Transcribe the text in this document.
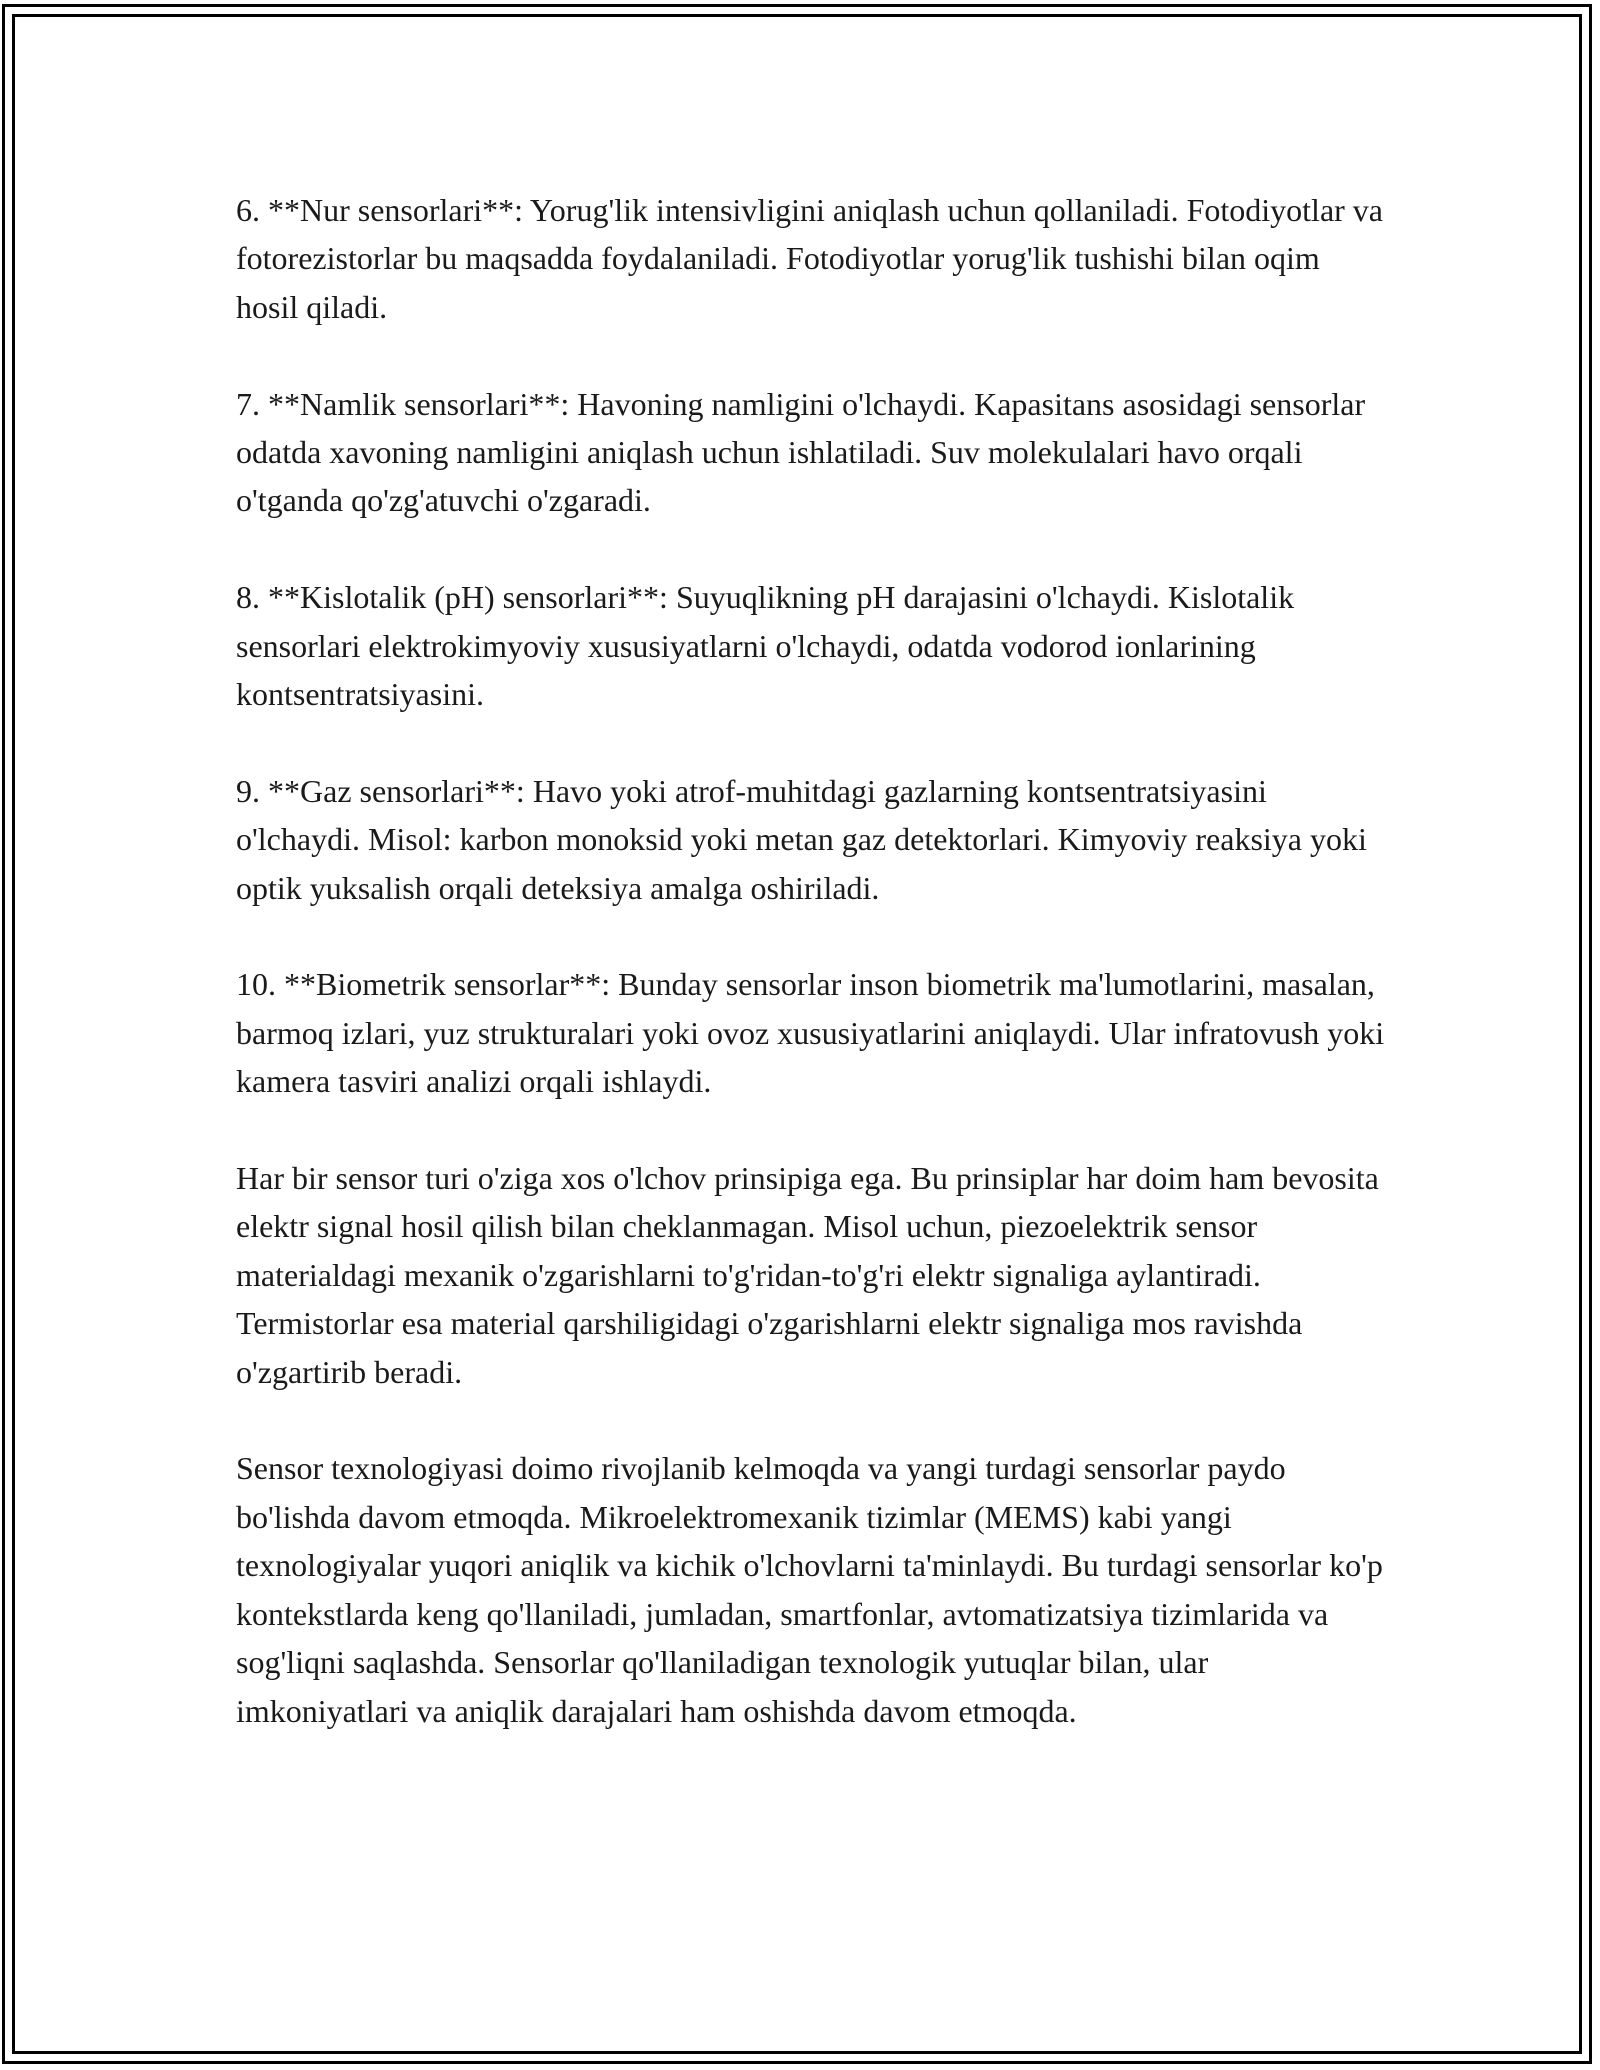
6. **Nur sensorlari**: Yorug'lik intensivligini aniqlash uchun qollaniladi. Fotodiyotlar va fotorezistorlar bu maqsadda foydalaniladi. Fotodiyotlar yorug'lik tushishi bilan oqim hosil qiladi.

7. **Namlik sensorlari**: Havoning namligini o'lchaydi. Kapasitans asosidagi sensorlar odatda xavoning namligini aniqlash uchun ishlatiladi. Suv molekulalari havo orqali o'tganda qo'zg'atuvchi o'zgaradi.

8. **Kislotalik (pH) sensorlari**: Suyuqlikning pH darajasini o'lchaydi. Kislotalik sensorlari elektrokimyoviy xususiyatlarni o'lchaydi, odatda vodorod ionlarining kontsentratsiyasini.

9. **Gaz sensorlari**: Havo yoki atrof-muhitdagi gazlarning kontsentratsiyasini o'lchaydi. Misol: karbon monoksid yoki metan gaz detektorlari. Kimyoviy reaksiya yoki optik yuksalish orqali deteksiya amalga oshiriladi.

10. **Biometrik sensorlar**: Bunday sensorlar inson biometrik ma'lumotlarini, masalan, barmoq izlari, yuz strukturalari yoki ovoz xususiyatlarini aniqlaydi. Ular infratovush yoki kamera tasviri analizi orqali ishlaydi.

Har bir sensor turi o'ziga xos o'lchov prinsipiga ega. Bu prinsiplar har doim ham bevosita elektr signal hosil qilish bilan cheklanmagan. Misol uchun, piezoelektrik sensor materialdagi mexanik o'zgarishlarni to'g'ridan-to'g'ri elektr signaliga aylantiradi. Termistorlar esa material qarshiligidagi o'zgarishlarni elektr signaliga mos ravishda o'zgartirib beradi.

Sensor texnologiyasi doimo rivojlanib kelmoqda va yangi turdagi sensorlar paydo bo'lishda davom etmoqda. Mikroelektromexanik tizimlar (MEMS) kabi yangi texnologiyalar yuqori aniqlik va kichik o'lchovlarni ta'minlaydi. Bu turdagi sensorlar ko'p kontekstlarda keng qo'llaniladi, jumladan, smartfonlar, avtomatizatsiya tizimlarida va sog'liqni saqlashda. Sensorlar qo'llaniladigan texnologik yutuqlar bilan, ular imkoniyatlari va aniqlik darajalari ham oshishda davom etmoqda.
